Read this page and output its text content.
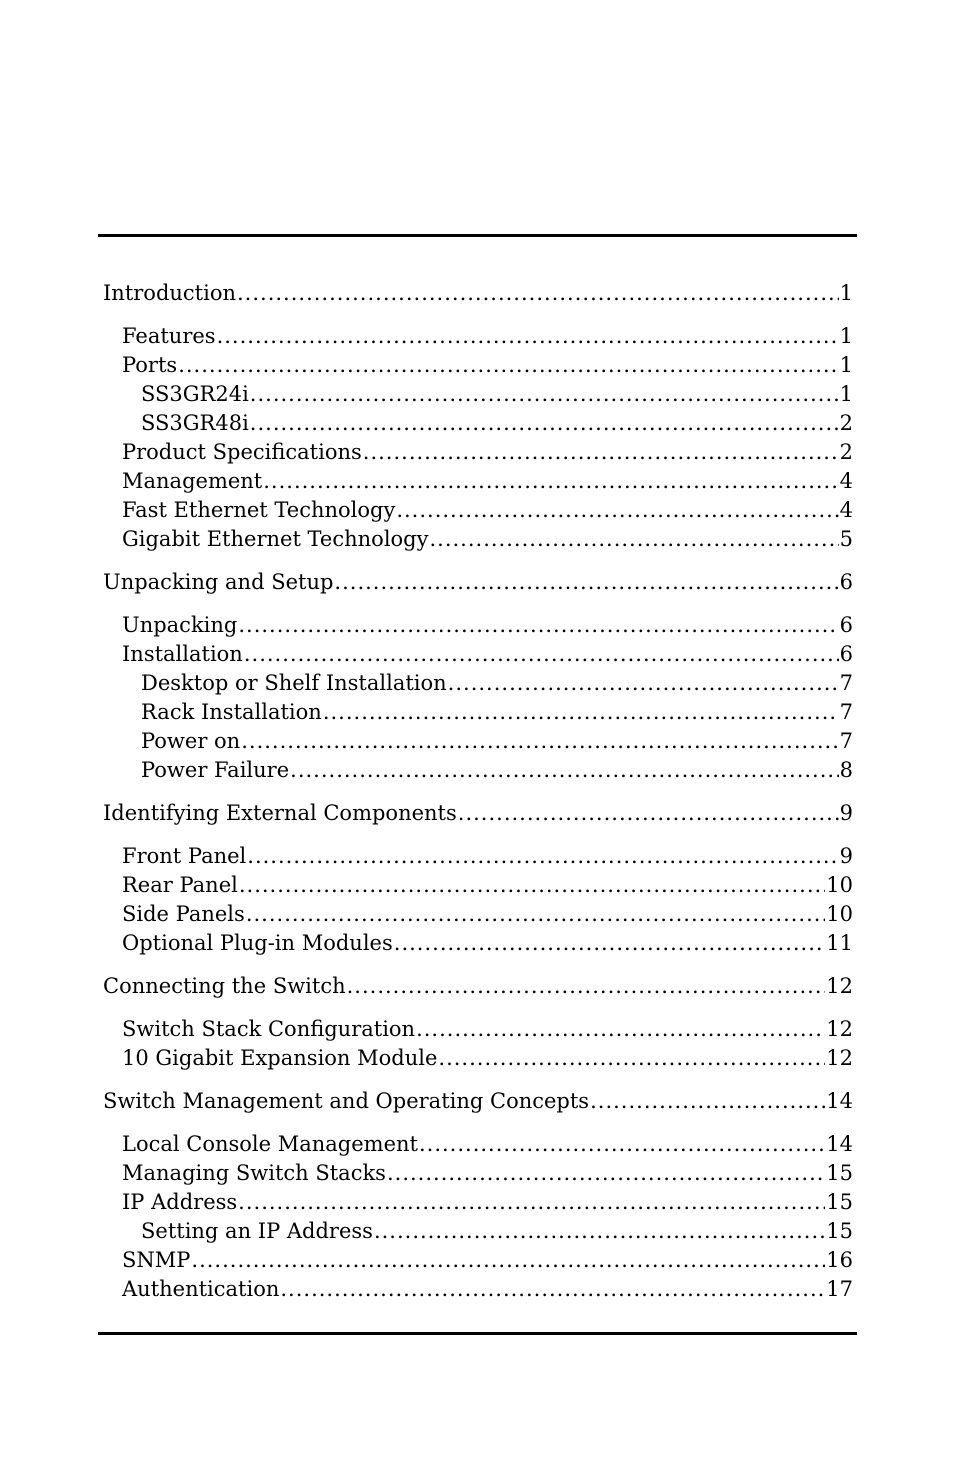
Introduction .....	1
Features .....	1
Ports .....	1
SS3GR24i .....	1
SS3GR48i .....	2
Product Specifications .....	2
Management .....	4
Fast Ethernet Technology .....	4
Gigabit Ethernet Technology .....	5
Unpacking and Setup .....	6
Unpacking .....	6
Installation .....	6
Desktop or Shelf Installation .....	7
Rack Installation .....	7
Power on .....	7
Power Failure .....	8
Identifying External Components .....	9
Front Panel .....	9
Rear Panel .....	10
Side Panels .....	10
Optional Plug-in Modules .....	11
Connecting the Switch .....	12
Switch Stack Configuration .....	12
10 Gigabit Expansion Module .....	12
Switch Management and Operating Concepts .....	14
Local Console Management .....	14
Managing Switch Stacks .....	15
IP Address .....	15
Setting an IP Address .....	15
SNMP .....	16
Authentication .....	17
